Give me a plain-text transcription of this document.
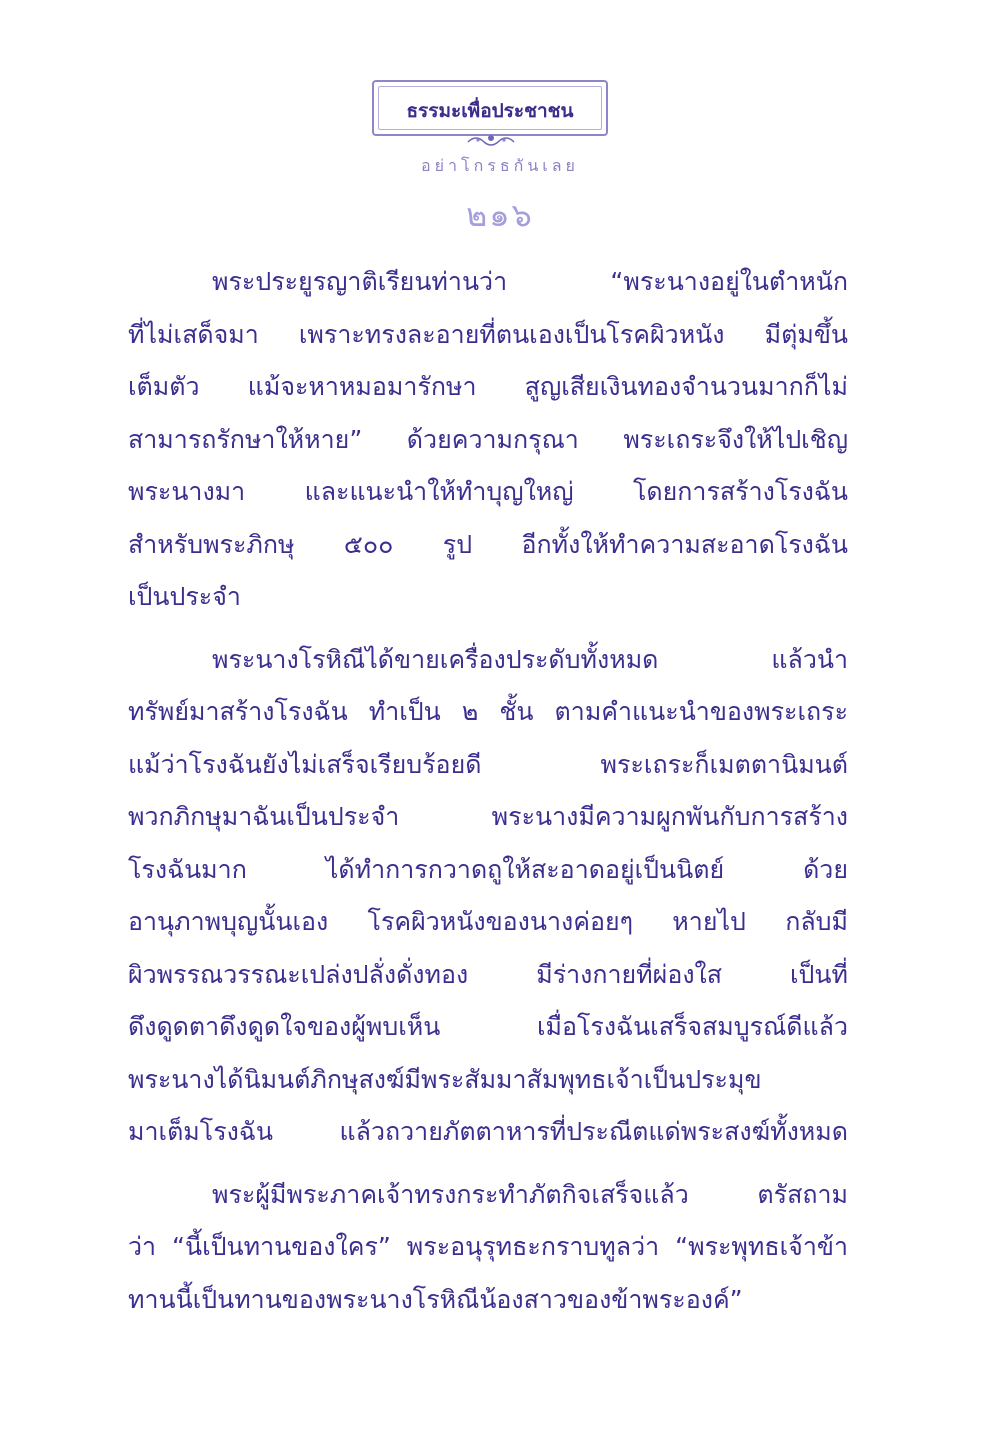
ธรรมะเพื่อประชาชน
อย่าโกรธกันเลย
๒๑๖
พระประยูรญาติเรียนท่านว่า “พระนางอยู่ในตำหนัก
ที่ไม่เสด็จมา เพราะทรงละอายที่ตนเองเป็นโรคผิวหนัง มีตุ่มขึ้น
เต็มตัว แม้จะหาหมอมารักษา สูญเสียเงินทองจำนวนมากก็ไม่
สามารถรักษาให้หาย” ด้วยความกรุณา พระเถระจึงให้ไปเชิญ
พระนางมา และแนะนำให้ทำบุญใหญ่ โดยการสร้างโรงฉัน
สำหรับพระภิกษุ ๕๐๐ รูป อีกทั้งให้ทำความสะอาดโรงฉัน
เป็นประจำ
พระนางโรหิณีได้ขายเครื่องประดับทั้งหมด แล้วนำ
ทรัพย์มาสร้างโรงฉัน ทำเป็น ๒ ชั้น ตามคำแนะนำของพระเถระ
แม้ว่าโรงฉันยังไม่เสร็จเรียบร้อยดี พระเถระก็เมตตานิมนต์
พวกภิกษุมาฉันเป็นประจำ พระนางมีความผูกพันกับการสร้าง
โรงฉันมาก ได้ทำการกวาดถูให้สะอาดอยู่เป็นนิตย์ ด้วย
อานุภาพบุญนั้นเอง โรคผิวหนังของนางค่อยๆ หายไป กลับมี
ผิวพรรณวรรณะเปล่งปลั่งดั่งทอง มีร่างกายที่ผ่องใส เป็นที่
ดึงดูดตาดึงดูดใจของผู้พบเห็น เมื่อโรงฉันเสร็จสมบูรณ์ดีแล้ว
พระนางได้นิมนต์ภิกษุสงฆ์มีพระสัมมาสัมพุทธเจ้าเป็นประมุข
มาเต็มโรงฉัน แล้วถวายภัตตาหารที่ประณีตแด่พระสงฆ์ทั้งหมด
พระผู้มีพระภาคเจ้าทรงกระทำภัตกิจเสร็จแล้ว ตรัสถาม
ว่า “นี้เป็นทานของใคร” พระอนุรุทธะกราบทูลว่า “พระพุทธเจ้าข้า
ทานนี้เป็นทานของพระนางโรหิณีน้องสาวของข้าพระองค์”
